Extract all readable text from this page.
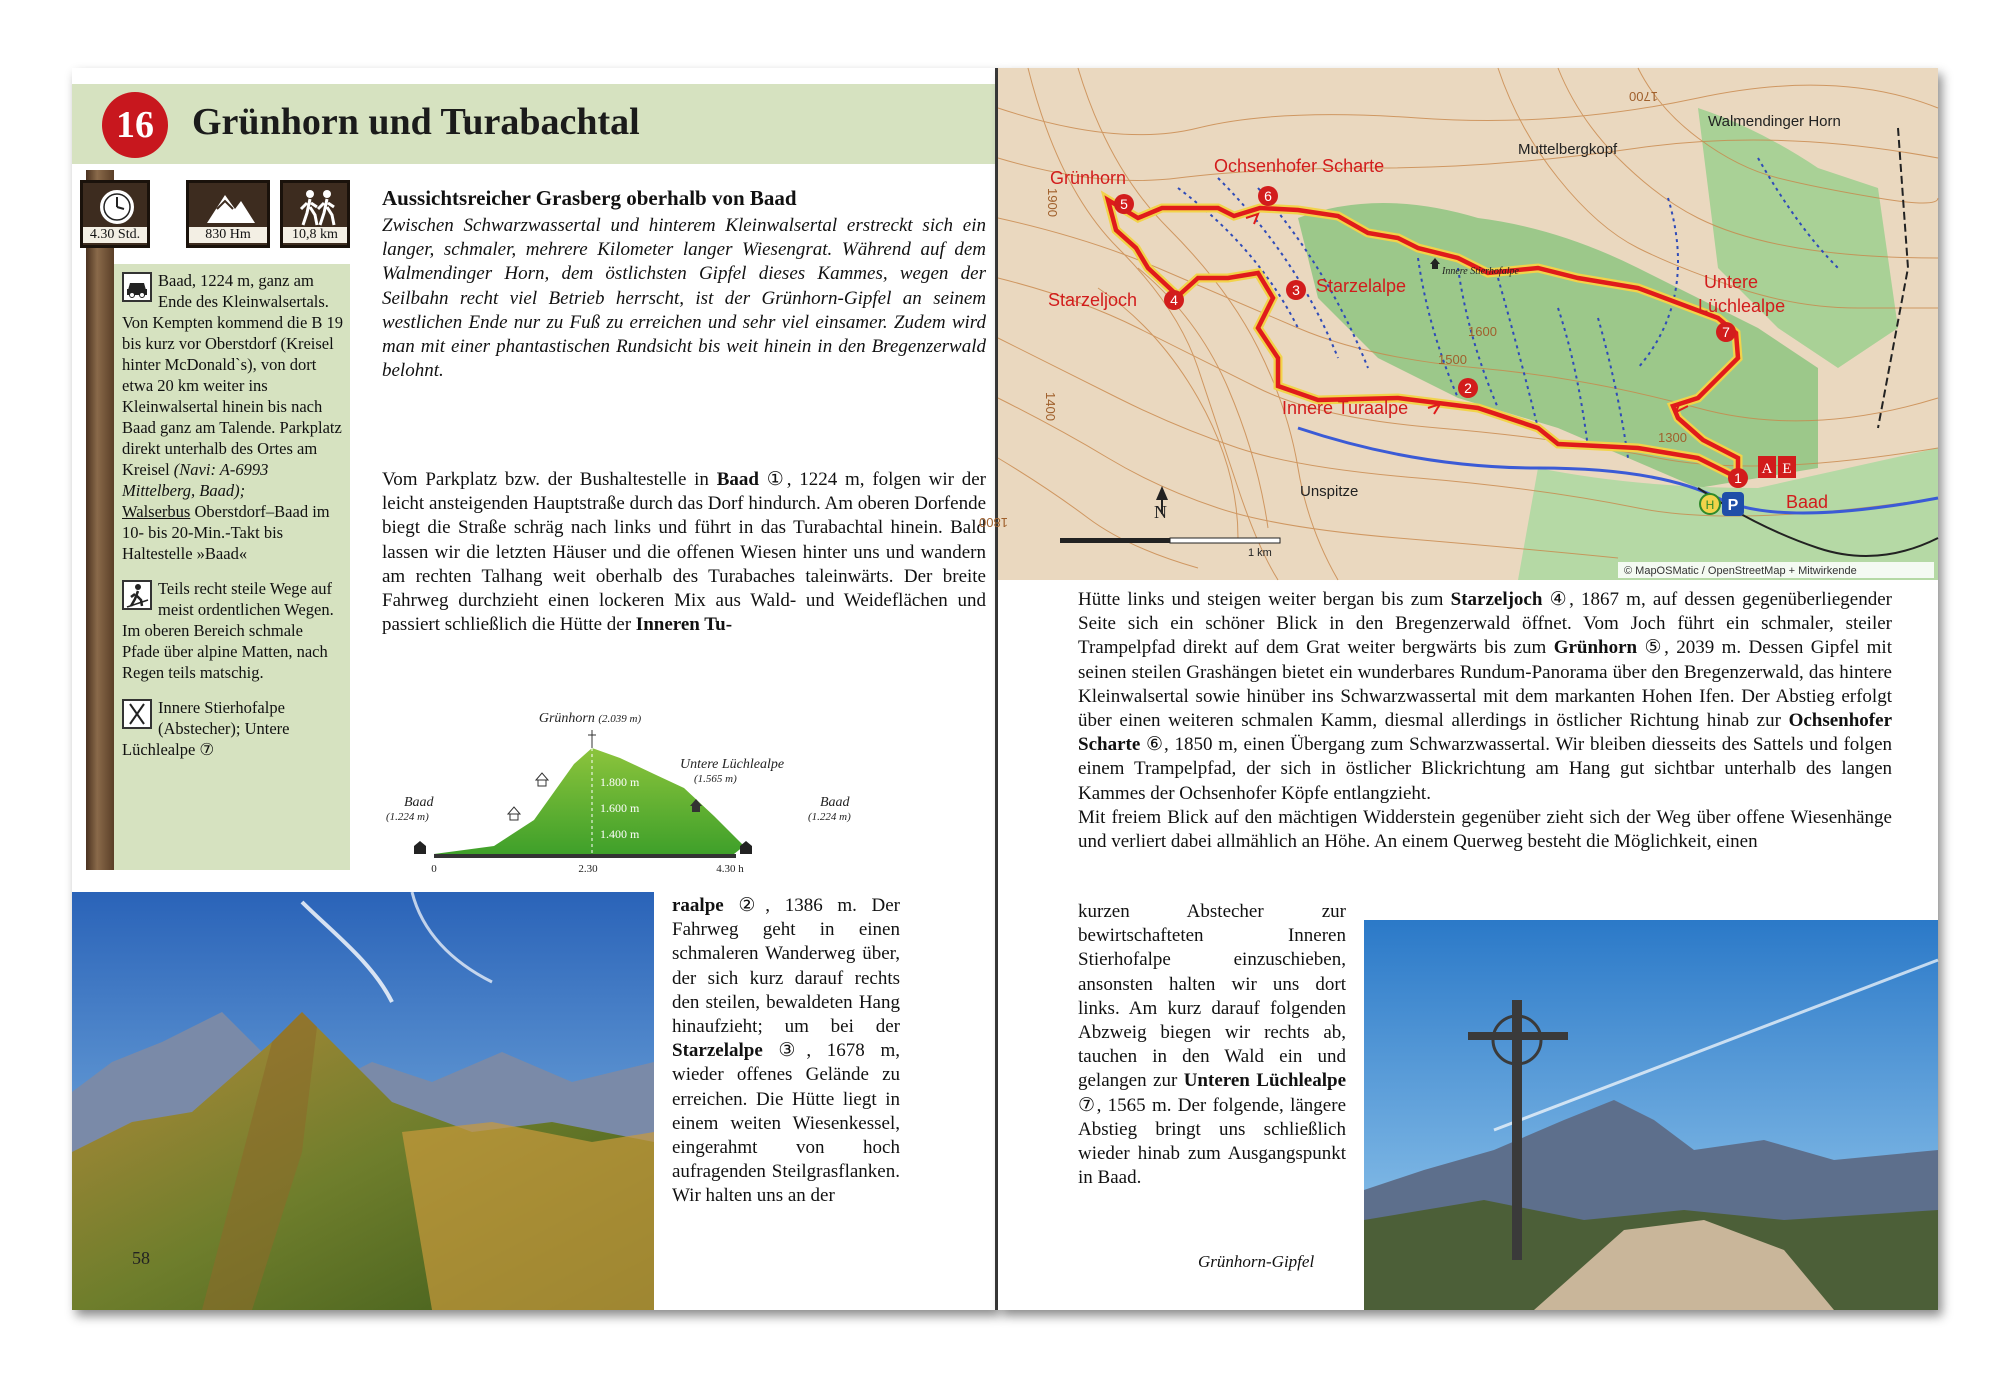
16	Grünhorn und Turabachtal
4.30 Std.	830 Hm	10,8 km
Baad, 1224 m, ganz am Ende des Kleinwalsertals. Von Kempten kommend die B 19 bis kurz vor Oberstdorf (Kreisel hinter McDonald`s), von dort etwa 20 km weiter ins Kleinwalsertal hinein bis nach Baad ganz am Talende. Parkplatz direkt unterhalb des Ortes am Kreisel (Navi: A-6993 Mittelberg, Baad);
Walserbus Oberstdorf–Baad im 10- bis 20-Min.-Takt bis Haltestelle »Baad«
Teils recht steile Wege auf meist ordentlichen Wegen. Im oberen Bereich schmale Pfade über alpine Matten, nach Regen teils matschig.
Innere Stierhofalpe (Abstecher); Untere Lüchlealpe ⑦
Aussichtsreicher Grasberg oberhalb von Baad
Zwischen Schwarzwassertal und hinterem Kleinwalsertal erstreckt sich ein langer, schmaler, mehrere Kilometer langer Wiesengrat. Während auf dem Walmendinger Horn, dem östlichsten Gipfel dieses Kammes, wegen der Seilbahn recht viel Betrieb herrscht, ist der Grünhorn-Gipfel an seinem westlichen Ende nur zu Fuß zu erreichen und sehr viel einsamer. Zudem wird man mit einer phantastischen Rundsicht bis weit hinein in den Bregenzerwald belohnt.
Vom Parkplatz bzw. der Bushaltestelle in Baad ①, 1224 m, folgen wir der leicht ansteigenden Hauptstraße durch das Dorf hindurch. Am oberen Dorfende biegt die Straße schräg nach links und führt in das Turabachtal hinein. Bald lassen wir die letzten Häuser und die offenen Wiesen hinter uns und wandern am rechten Talhang weit oberhalb des Turabaches taleinwärts. Der breite Fahrweg durchzieht einen lockeren Mix aus Wald- und Weideflächen und passiert schließlich die Hütte der Inneren Tu-
1.800 m
1.600 m
1.400 m
Grünhorn (2.039 m)
Baad
(1.224 m)
Baad
(1.224 m)
Untere Lüchlealpe
(1.565 m)
0	2.30	4.30 h
58
raalpe ②, 1386 m. Der Fahrweg geht in einen schmaleren Wanderweg über, der sich kurz darauf rechts den steilen, bewaldeten Hang hinaufzieht; um bei der Starzelalpe ③, 1678 m, wieder offenes Gelände zu erreichen. Die Hütte liegt in einem weiten Wiesenkessel, eingerahmt von hoch aufragenden Steilgrasflanken. Wir halten uns an der
1
2
3
4
5	6
7
Grünhorn
Ochsenhofer Scharte
Starzeljoch
Starzelalpe
Innere Turaalpe
Untere
Lüchlealpe
Baad
Walmendinger Horn
Muttelbergkopf
Unspitze
Innere Stierhofalpe
1600
1500
1400
1300
1700
1900
1800
H P
A E
N
1 km
© MapOSMatic / OpenStreetMap + Mitwirkende
Hütte links und steigen weiter bergan bis zum Starzeljoch ④, 1867 m, auf dessen gegenüberliegender Seite sich ein schöner Blick in den Bregenzerwald öffnet. Vom Joch führt ein schmaler, steiler Trampelpfad direkt auf dem Grat weiter bergwärts bis zum Grünhorn ⑤, 2039 m. Dessen Gipfel mit seinen steilen Grashängen bietet ein wunderbares Rundum-Panorama über den Bregenzerwald, das hintere Kleinwalsertal sowie hinüber ins Schwarzwassertal mit dem markanten Hohen Ifen. Der Abstieg erfolgt über einen weiteren schmalen Kamm, diesmal allerdings in östlicher Richtung hinab zur Ochsenhofer Scharte ⑥, 1850 m, einen Übergang zum Schwarzwassertal. Wir bleiben diesseits des Sattels und folgen einem Trampelpfad, der sich in östlicher Blickrichtung am Hang gut sichtbar unterhalb des langen Kammes der Ochsenhofer Köpfe entlangzieht.
Mit freiem Blick auf den mächtigen Widderstein gegenüber zieht sich der Weg über offene Wiesenhänge und verliert dabei allmählich an Höhe. An einem Querweg besteht die Möglichkeit, einen
kurzen Abstecher zur bewirtschafteten Inneren Stierhofalpe einzuschieben, ansonsten halten wir uns dort links. Am kurz darauf folgenden Abzweig biegen wir rechts ab, tauchen in den Wald ein und gelangen zur Unteren Lüchlealpe ⑦, 1565 m. Der folgende, längere Abstieg bringt uns schließlich wieder hinab zum Ausgangspunkt in Baad.
Grünhorn-Gipfel
